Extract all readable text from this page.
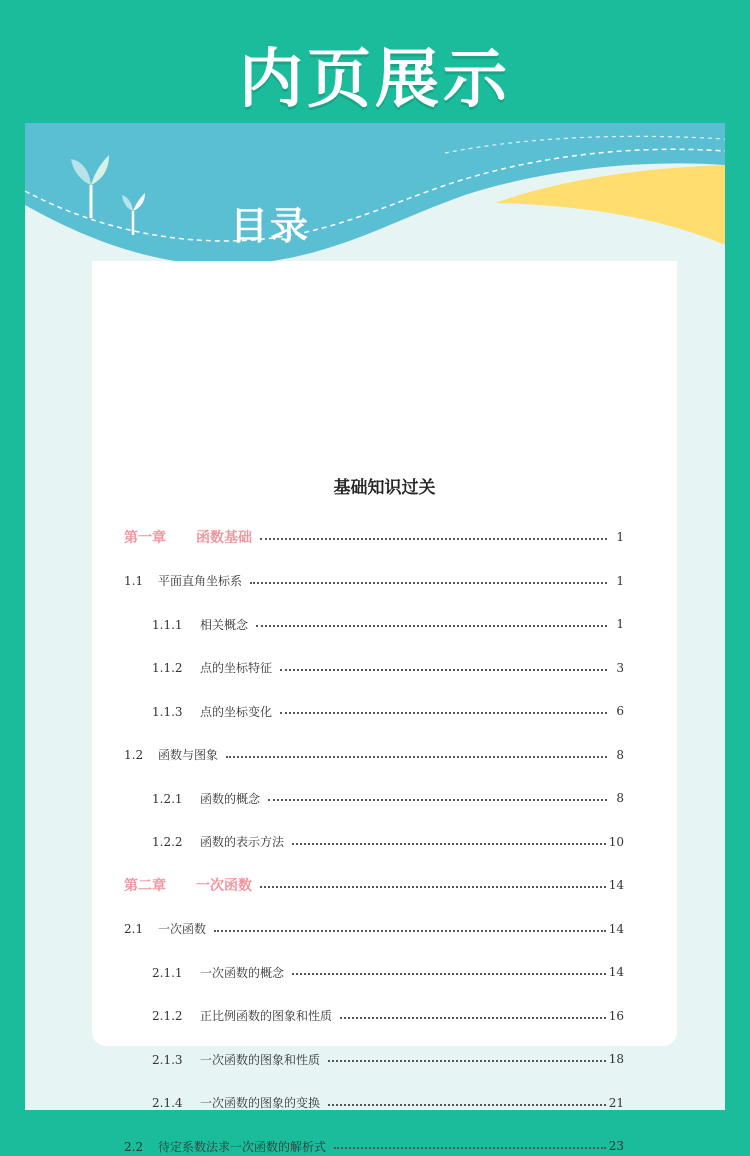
内页展示
目录
基础知识过关
第一章 函数基础	1
1.1 平面直角坐标系	1
1.1.1 相关概念	1
1.1.2 点的坐标特征	3
1.1.3 点的坐标变化	6
1.2 函数与图象	8
1.2.1 函数的概念	8
1.2.2 函数的表示方法	10
第二章 一次函数	14
2.1 一次函数	14
2.1.1 一次函数的概念	14
2.1.2 正比例函数的图象和性质	16
2.1.3 一次函数的图象和性质	18
2.1.4 一次函数的图象的变换	21
2.2 待定系数法求一次函数的解析式	23
